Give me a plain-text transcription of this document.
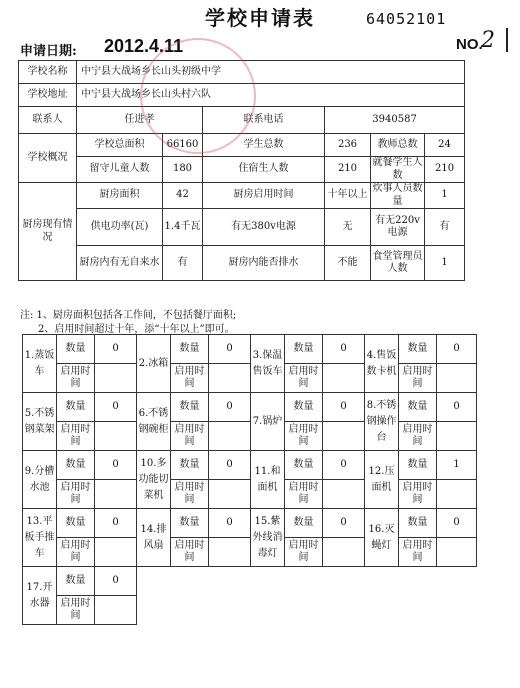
学校申请表	64052101
申请日期: 2012.4.11	NO.
2
学校名称	中宁县大战场乡长山头初级中学					
学校地址	中宁县大战场乡长山头村六队					
联系人	任进孝		联系电话	3940587		
学校概况	学校总面积	66160	学生总数	236	教师总数	24
	留守儿童人数	180	住宿生人数	210	就餐学生人数	210
厨房现有情况	厨房面积	42	厨房启用时间	十年以上	炊事人员数量	1
	供电功率(瓦)	1.4千瓦	有无380v电源	无	有无220v电源	有
	厨房内有无自来水	有	厨房内能否排水	不能	食堂管理员人数	1
注: 1、厨房面积包括各工作间，不包括餐厅面积;
2、启用时间超过十年，添“十年以上”即可。
1.蒸饭车	数量	0	2.冰箱	数量	0	3.保温售饭车	数量	0	4.售饭数卡机	数量	0
	启用时间			启用时间			启用时间			启用时间	
5.不锈钢菜架	数量	0	6.不锈钢碗柜	数量	0	7.锅炉	数量	0	8.不锈钢操作台	数量	0
	启用时间			启用时间			启用时间			启用时间	
9.分槽水池	数量	0	10.多功能切菜机	数量	0	11.和面机	数量	0	12.压面机	数量	1
	启用时间			启用时间			启用时间			启用时间	
13.平板手推车	数量	0	14.排风扇	数量	0	15.紫外线消毒灯	数量	0	16.灭蝇灯	数量	0
	启用时间			启用时间			启用时间			启用时间	
17.开水器	数量	0									
	启用时间										
